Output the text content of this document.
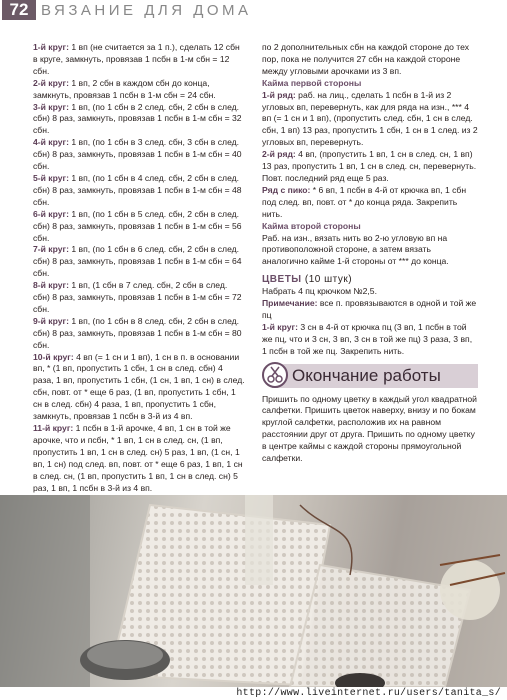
72 ВЯЗАНИЕ ДЛЯ ДОМА

1-й круг: 1 вп (не считается за 1 п.), сделать 12 сбн в кругe, замкнуть, провязав 1 псбн в 1-м сбн = 12 сбн.

2-й круг: 1 вп, 2 сбн в каждом сбн до конца, замкнуть, провязав 1 псбн в 1-м сбн = 24 сбн.

3-й круг: 1 вп, (по 1 сбн в 2 след. сбн, 2 сбн в след. сбн) 8 раз, замкнуть, провязав 1 псбн в 1-м сбн = 32 сбн.

4-й круг: 1 вп, (по 1 сбн в 3 след. сбн, 3 сбн в след. сбн) 8 раз, замкнуть, провязав 1 псбн в 1-м сбн = 40 сбн.

5-й круг: 1 вп, (по 1 сбн в 4 след. сбн, 2 сбн в след. сбн) 8 раз, замкнуть, провязав 1 псбн в 1-м сбн = 48 сбн.

6-й круг: 1 вп, (по 1 сбн в 5 след. сбн, 2 сбн в след. сбн) 8 раз, замкнуть, провязав 1 псбн в 1-м сбн = 56 сбн.

7-й круг: 1 вп, (по 1 сбн в 6 след. сбн, 2 сбн в след. сбн) 8 раз, замкнуть, провязав 1 псбн в 1-м сбн = 64 сбн.

8-й круг: 1 вп, (1 сбн в 7 след. сбн, 2 сбн в след. сбн) 8 раз, замкнуть, провязав 1 псбн в 1-м сбн = 72 сбн.

9-й круг: 1 вп, (по 1 сбн в 8 след. сбн, 2 сбн в след. сбн) 8 раз, замкнуть, провязав 1 псбн в 1-м сбн = 80 сбн.

10-й круг: 4 вп (= 1 сн и 1 вп), 1 сн в п. в основании вп, * (1 вп, пропустить 1 сбн, 1 сн в след. сбн) 4 раза, 1 вп, пропустить 1 сбн, (1 сн, 1 вп, 1 сн) в след. сбн, повт. от * еще 6 раз, (1 вп, пропустить 1 сбн, 1 сн в след. сбн) 4 раза, 1 вп, пропустить 1 сбн, замкнуть, провязав 1 псбн в 3-й из 4 вп.

11-й круг: 1 псбн в 1-й арочке, 4 вп, 1 сн в той же арочке, что и псбн, * 1 вп, 1 сн в след. сн, (1 вп, пропустить 1 вп, 1 сн в след. сн) 5 раз, 1 вп, (1 сн, 1 вп, 1 сн) под след. вп, повт. от * еще 6 раз, 1 вп, 1 сн в след. сн, (1 вп, пропустить 1 вп, 1 сн в след. сн) 5 раз, 1 вп, 1 псбн в 3-й из 4 вп.

по 2 дополнительных сбн на каждой стороне до тех пор, пока не получится 27 сбн на каждой стороне между угловыми арочками из 3 вп.

Кайма первой стороны

1-й ряд: раб. на лиц., сделать 1 псбн в 1-й из 2 угловых вп, перевернуть, как для ряда на изн., *** 4 вп (= 1 сн и 1 вп), (пропустить след. сбн, 1 сн в след. сбн, 1 вп) 13 раз, пропустить 1 сбн, 1 сн в 1 след. из 2 угловых вп, перевернуть.

2-й ряд: 4 вп, (пропустить 1 вп, 1 сн в след. сн, 1 вп) 13 раз, пропустить 1 вп, 1 сн в след. сн, перевернуть.

Повт. последний ряд еще 5 раз.

Ряд с пико: * 6 вп, 1 псбн в 4-й от крючка вп, 1 сбн под след. вп, повт. от * до конца ряда. Закрепить нить.

Кайма второй стороны

Раб. на изн., вязать нить во 2-ю угловую вп на противоположной стороне, а затем вязать аналогично кайме 1-й стороны от *** до конца.

ЦВЕТЫ (10 штук)

Набрать 4 пц крючком №2,5.

Примечание: все п. провязываются в одной и той же пц

1-й круг: 3 сн в 4-й от крючка пц (3 вп, 1 псбн в той же пц, что и 3 сн, 3 вп, 3 сн в той же пц) 3 раза, 3 вп, 1 псбн в той же пц. Закрепить нить.

Окончание работы

Пришить по одному цветку в каждый угол квадратной салфетки. Пришить цветок наверху, внизу и по бокам круглой салфетки, расположив их на равном расстоянии друг от друга. Пришить по одному цветку в центре каймы с каждой стороны прямоугольной салфетки.

http://www.liveinternet.ru/users/tanita_s/
